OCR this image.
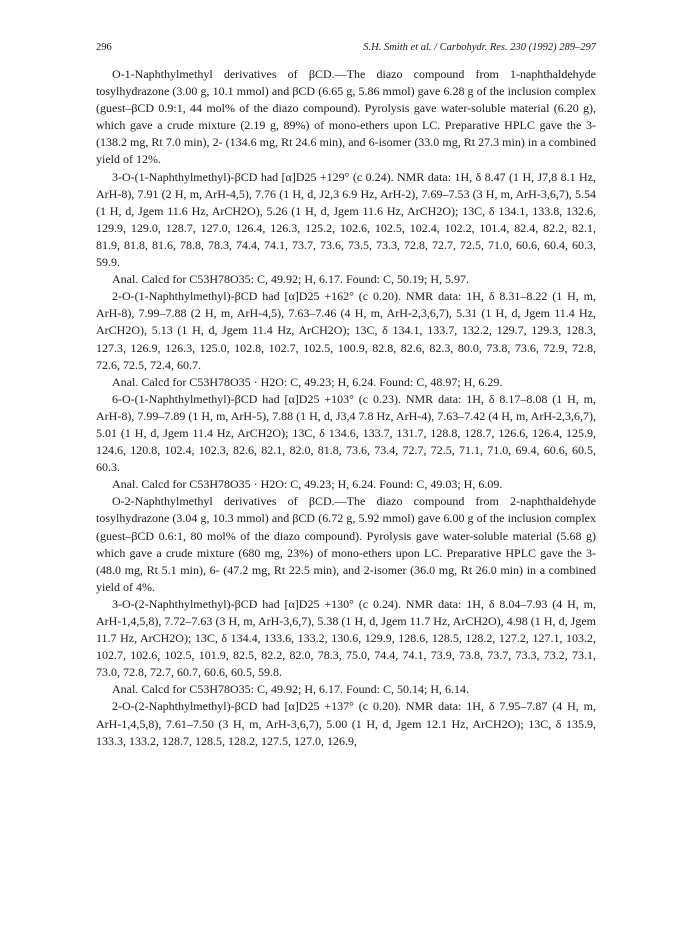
296	S.H. Smith et al. / Carbohydr. Res. 230 (1992) 289–297

O-1-Naphthylmethyl derivatives of βCD.—The diazo compound from 1-naphthaldehyde tosylhydrazone (3.00 g, 10.1 mmol) and βCD (6.65 g, 5.86 mmol) gave 6.28 g of the inclusion complex (guest–βCD 0.9:1, 44 mol% of the diazo compound). Pyrolysis gave water-soluble material (6.20 g), which gave a crude mixture (2.19 g, 89%) of mono-ethers upon LC. Preparative HPLC gave the 3- (138.2 mg, Rt 7.0 min), 2- (134.6 mg, Rt 24.6 min), and 6-isomer (33.0 mg, Rt 27.3 min) in a combined yield of 12%.

3-O-(1-Naphthylmethyl)-βCD had [α]D25 +129° (c 0.24). NMR data: 1H, δ 8.47 (1 H, J7,8 8.1 Hz, ArH-8), 7.91 (2 H, m, ArH-4,5), 7.76 (1 H, d, J2,3 6.9 Hz, ArH-2), 7.69–7.53 (3 H, m, ArH-3,6,7), 5.54 (1 H, d, Jgem 11.6 Hz, ArCH2O), 5.26 (1 H, d, Jgem 11.6 Hz, ArCH2O); 13C, δ 134.1, 133.8, 132.6, 129.9, 129.0, 128.7, 127.0, 126.4, 126.3, 125.2, 102.6, 102.5, 102.4, 102.2, 101.4, 82.4, 82.2, 82.1, 81.9, 81.8, 81.6, 78.8, 78.3, 74.4, 74.1, 73.7, 73.6, 73.5, 73.3, 72.8, 72.7, 72.5, 71.0, 60.6, 60.4, 60.3, 59.9.

Anal. Calcd for C53H78O35: C, 49.92; H, 6.17. Found: C, 50.19; H, 5.97.

2-O-(1-Naphthylmethyl)-βCD had [α]D25 +162° (c 0.20). NMR data: 1H, δ 8.31–8.22 (1 H, m, ArH-8), 7.99–7.88 (2 H, m, ArH-4,5), 7.63–7.46 (4 H, m, ArH-2,3,6,7), 5.31 (1 H, d, Jgem 11.4 Hz, ArCH2O), 5.13 (1 H, d, Jgem 11.4 Hz, ArCH2O); 13C, δ 134.1, 133.7, 132.2, 129.7, 129.3, 128.3, 127.3, 126.9, 126.3, 125.0, 102.8, 102.7, 102.5, 100.9, 82.8, 82.6, 82.3, 80.0, 73.8, 73.6, 72.9, 72.8, 72.6, 72.5, 72.4, 60.7.

Anal. Calcd for C53H78O35 · H2O: C, 49.23; H, 6.24. Found: C, 48.97; H, 6.29.

6-O-(1-Naphthylmethyl)-βCD had [α]D25 +103° (c 0.23). NMR data: 1H, δ 8.17–8.08 (1 H, m, ArH-8), 7.99–7.89 (1 H, m, ArH-5), 7.88 (1 H, d, J3,4 7.8 Hz, ArH-4), 7.63–7.42 (4 H, m, ArH-2,3,6,7), 5.01 (1 H, d, Jgem 11.4 Hz, ArCH2O); 13C, δ 134.6, 133.7, 131.7, 128.8, 128.7, 126.6, 126.4, 125.9, 124.6, 120.8, 102.4, 102.3, 82.6, 82.1, 82.0, 81.8, 73.6, 73.4, 72.7, 72.5, 71.1, 71.0, 69.4, 60.6, 60.5, 60.3.

Anal. Calcd for C53H78O35 · H2O: C, 49.23; H, 6.24. Found: C, 49.03; H, 6.09.

O-2-Naphthylmethyl derivatives of βCD.—The diazo compound from 2-naphthaldehyde tosylhydrazone (3.04 g, 10.3 mmol) and βCD (6.72 g, 5.92 mmol) gave 6.00 g of the inclusion complex (guest–βCD 0.6:1, 80 mol% of the diazo compound). Pyrolysis gave water-soluble material (5.68 g) which gave a crude mixture (680 mg, 23%) of mono-ethers upon LC. Preparative HPLC gave the 3- (48.0 mg, Rt 5.1 min), 6- (47.2 mg, Rt 22.5 min), and 2-isomer (36.0 mg, Rt 26.0 min) in a combined yield of 4%.

3-O-(2-Naphthylmethyl)-βCD had [α]D25 +130° (c 0.24). NMR data: 1H, δ 8.04–7.93 (4 H, m, ArH-1,4,5,8), 7.72–7.63 (3 H, m, ArH-3,6,7), 5.38 (1 H, d, Jgem 11.7 Hz, ArCH2O), 4.98 (1 H, d, Jgem 11.7 Hz, ArCH2O); 13C, δ 134.4, 133.6, 133.2, 130.6, 129.9, 128.6, 128.5, 128.2, 127.2, 127.1, 103.2, 102.7, 102.6, 102.5, 101.9, 82.5, 82.2, 82.0, 78.3, 75.0, 74.4, 74.1, 73.9, 73.8, 73.7, 73.3, 73.2, 73.1, 73.0, 72.8, 72.7, 60.7, 60.6, 60.5, 59.8.

Anal. Calcd for C53H78O35: C, 49.92; H, 6.17. Found: C, 50.14; H, 6.14.

2-O-(2-Naphthylmethyl)-βCD had [α]D25 +137° (c 0.20). NMR data: 1H, δ 7.95–7.87 (4 H, m, ArH-1,4,5,8), 7.61–7.50 (3 H, m, ArH-3,6,7), 5.00 (1 H, d, Jgem 12.1 Hz, ArCH2O); 13C, δ 135.9, 133.3, 133.2, 128.7, 128.5, 128.2, 127.5, 127.0, 126.9,
